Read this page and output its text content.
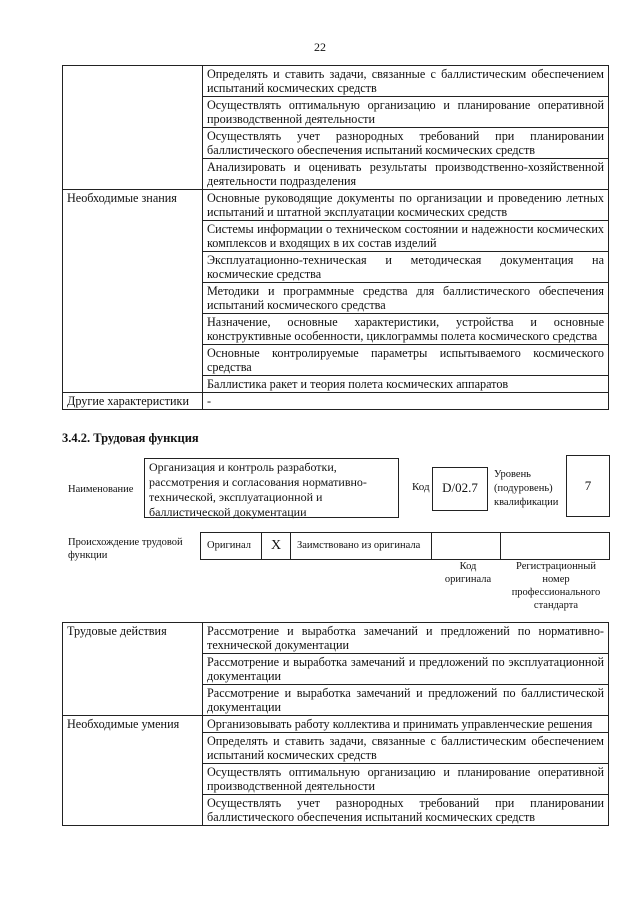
22
	Определять и ставить задачи, связанные с баллистическим обеспечением испытаний космических средств
	Осуществлять оптимальную организацию и планирование оперативной производственной деятельности
	Осуществлять учет разнородных требований при планировании баллистического обеспечения испытаний космических средств
	Анализировать и оценивать результаты производственно-хозяйственной деятельности подразделения
Необходимые знания	Основные руководящие документы по организации и проведению летных испытаний и штатной эксплуатации космических средств
	Системы информации о техническом состоянии и надежности космических комплексов и входящих в их состав изделий
	Эксплуатационно-техническая и методическая документация на космические средства
	Методики и программные средства для баллистического обеспечения испытаний космического средства
	Назначение, основные характеристики, устройства и основные конструктивные особенности, циклограммы полета космического средства
	Основные контролируемые параметры испытываемого космического средства
	Баллистика ракет и теория полета космических аппаратов
Другие характеристики	-
3.4.2. Трудовая функция
Наименование
Организация и контроль разработки, рассмотрения и согласования нормативно-технической, эксплуатационной и баллистической документации
Код D/02.7
Уровень (подуровень) квалификации
7
Происхождение трудовой функции
Оригинал	X	Заимствовано из оригинала
Код оригинала
Регистрационный номер профессионального стандарта
Трудовые действия	Рассмотрение и выработка замечаний и предложений по нормативно-технической документации
	Рассмотрение и выработка замечаний и предложений по эксплуатационной документации
	Рассмотрение и выработка замечаний и предложений по баллистической документации
Необходимые умения	Организовывать работу коллектива и принимать управленческие решения
	Определять и ставить задачи, связанные с баллистическим обеспечением испытаний космических средств
	Осуществлять оптимальную организацию и планирование оперативной производственной деятельности
	Осуществлять учет разнородных требований при планировании баллистического обеспечения испытаний космических средств
